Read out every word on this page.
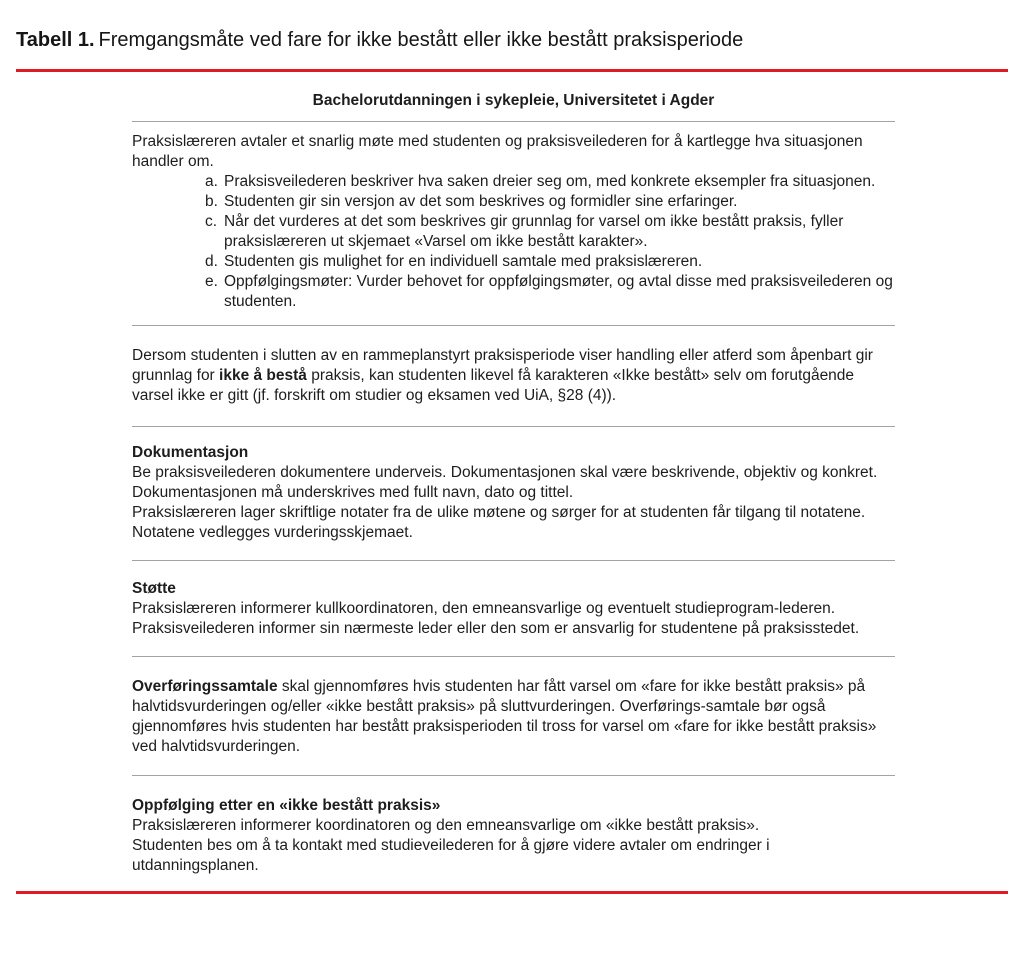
Tabell 1. Fremgangsmåte ved fare for ikke bestått eller ikke bestått praksisperiode
Bachelorutdanningen i sykepleie, Universitetet i Agder

Praksislæreren avtaler et snarlig møte med studenten og praksisveilederen for å kartlegge hva situasjonen handler om.

a. Praksisveilederen beskriver hva saken dreier seg om, med konkrete eksempler fra situasjonen.
b. Studenten gir sin versjon av det som beskrives og formidler sine erfaringer.
c. Når det vurderes at det som beskrives gir grunnlag for varsel om ikke bestått praksis, fyller praksislæreren ut skjemaet «Varsel om ikke bestått karakter».
d. Studenten gis mulighet for en individuell samtale med praksislæreren.
e. Oppfølgingsmøter: Vurder behovet for oppfølgingsmøter, og avtal disse med praksisveilederen og studenten.

Dersom studenten i slutten av en rammeplanstyrt praksisperiode viser handling eller atferd som åpenbart gir grunnlag for ikke å bestå praksis, kan studenten likevel få karakteren «Ikke bestått» selv om forutgående varsel ikke er gitt (jf. forskrift om studier og eksamen ved UiA, §28 (4)).

Dokumentasjon

Be praksisveilederen dokumentere underveis. Dokumentasjonen skal være beskrivende, objektiv og konkret. Dokumentasjonen må underskrives med fullt navn, dato og tittel.

Praksislæreren lager skriftlige notater fra de ulike møtene og sørger for at studenten får tilgang til notatene. Notatene vedlegges vurderingsskjemaet.

Støtte

Praksislæreren informerer kullkoordinatoren, den emneansvarlige og eventuelt studieprogram-lederen.

Praksisveilederen informer sin nærmeste leder eller den som er ansvarlig for studentene på praksisstedet.

Overføringssamtale skal gjennomføres hvis studenten har fått varsel om «fare for ikke bestått praksis» på halvtidsvurderingen og/eller «ikke bestått praksis» på sluttvurderingen. Overførings-samtale bør også gjennomføres hvis studenten har bestått praksisperioden til tross for varsel om «fare for ikke bestått praksis» ved halvtidsvurderingen.

Oppfølging etter en «ikke bestått praksis»

Praksislæreren informerer koordinatoren og den emneansvarlige om «ikke bestått praksis».

Studenten bes om å ta kontakt med studieveilederen for å gjøre videre avtaler om endringer i utdanningsplanen.
